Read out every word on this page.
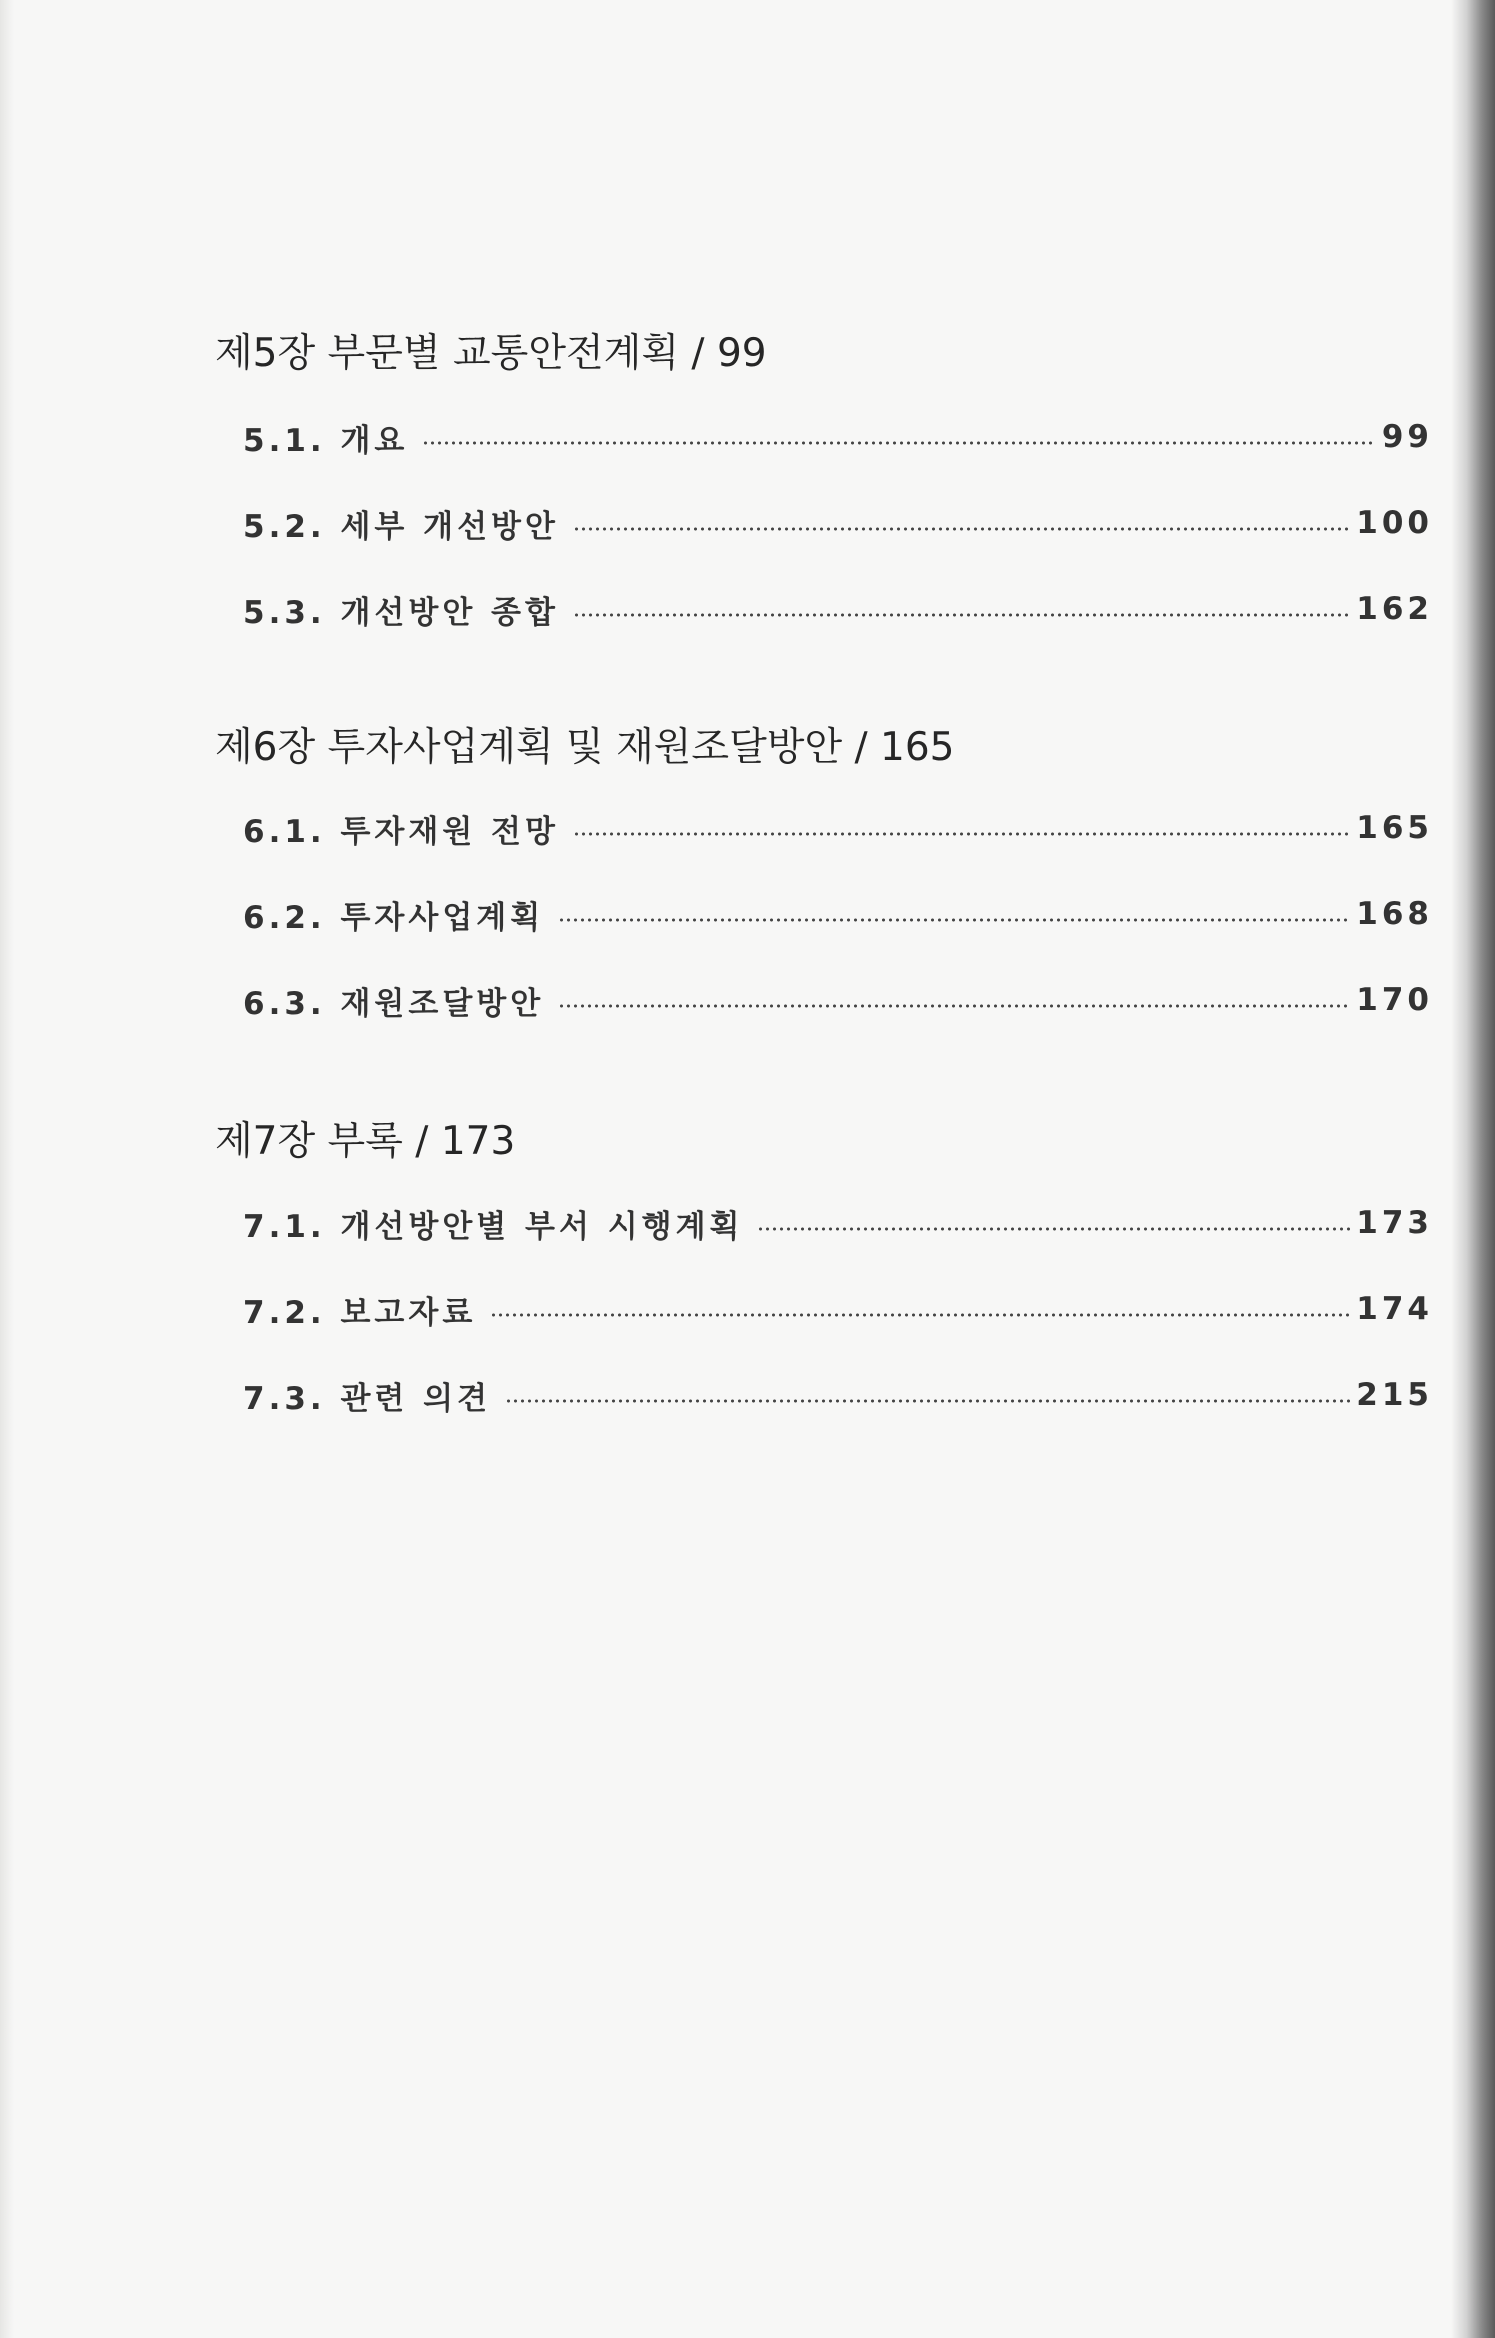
제5장 부문별 교통안전계획 / 99
5.1. 개요	99
5.2. 세부 개선방안	100
5.3. 개선방안 종합	162
제6장 투자사업계획 및 재원조달방안 / 165
6.1. 투자재원 전망	165
6.2. 투자사업계획	168
6.3. 재원조달방안	170
제7장 부록 / 173
7.1. 개선방안별 부서 시행계획	173
7.2. 보고자료	174
7.3. 관련 의견	215
